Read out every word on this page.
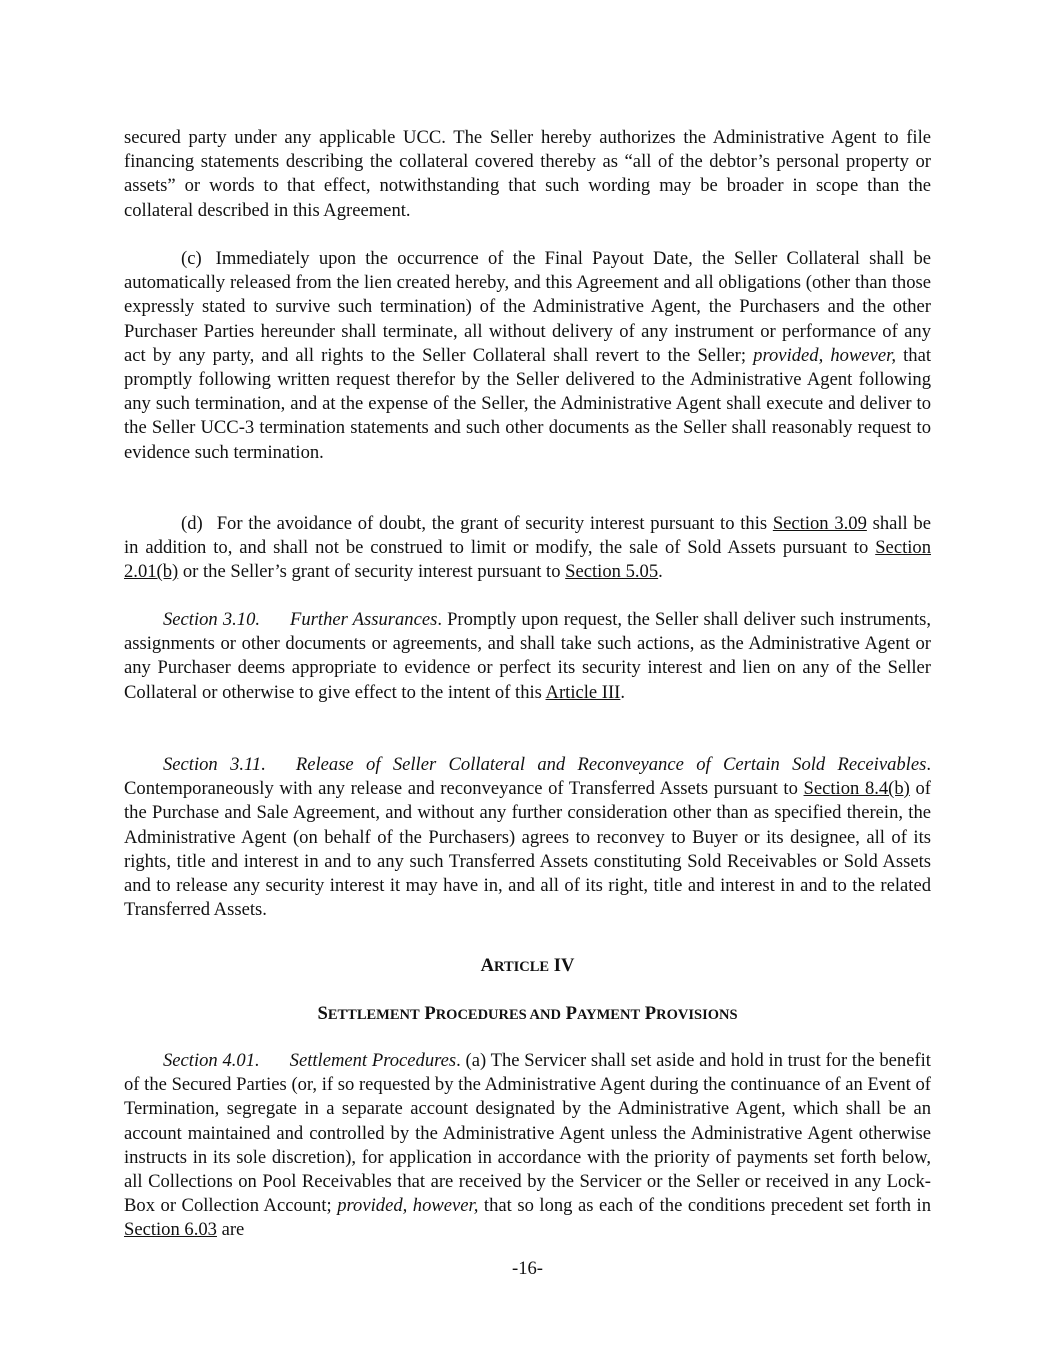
secured party under any applicable UCC. The Seller hereby authorizes the Administrative Agent to file financing statements describing the collateral covered thereby as “all of the debtor’s personal property or assets” or words to that effect, notwithstanding that such wording may be broader in scope than the collateral described in this Agreement.

(c) Immediately upon the occurrence of the Final Payout Date, the Seller Collateral shall be automatically released from the lien created hereby, and this Agreement and all obligations (other than those expressly stated to survive such termination) of the Administrative Agent, the Purchasers and the other Purchaser Parties hereunder shall terminate, all without delivery of any instrument or performance of any act by any party, and all rights to the Seller Collateral shall revert to the Seller; provided, however, that promptly following written request therefor by the Seller delivered to the Administrative Agent following any such termination, and at the expense of the Seller, the Administrative Agent shall execute and deliver to the Seller UCC-3 termination statements and such other documents as the Seller shall reasonably request to evidence such termination.

(d) For the avoidance of doubt, the grant of security interest pursuant to this Section 3.09 shall be in addition to, and shall not be construed to limit or modify, the sale of Sold Assets pursuant to Section 2.01(b) or the Seller’s grant of security interest pursuant to Section 5.05.

Section 3.10. Further Assurances. Promptly upon request, the Seller shall deliver such instruments, assignments or other documents or agreements, and shall take such actions, as the Administrative Agent or any Purchaser deems appropriate to evidence or perfect its security interest and lien on any of the Seller Collateral or otherwise to give effect to the intent of this Article III.

Section 3.11. Release of Seller Collateral and Reconveyance of Certain Sold Receivables. Contemporaneously with any release and reconveyance of Transferred Assets pursuant to Section 8.4(b) of the Purchase and Sale Agreement, and without any further consideration other than as specified therein, the Administrative Agent (on behalf of the Purchasers) agrees to reconvey to Buyer or its designee, all of its rights, title and interest in and to any such Transferred Assets constituting Sold Receivables or Sold Assets and to release any security interest it may have in, and all of its right, title and interest in and to the related Transferred Assets.

ARTICLE IV

SETTLEMENT PROCEDURES AND PAYMENT PROVISIONS

Section 4.01. Settlement Procedures. (a) The Servicer shall set aside and hold in trust for the benefit of the Secured Parties (or, if so requested by the Administrative Agent during the continuance of an Event of Termination, segregate in a separate account designated by the Administrative Agent, which shall be an account maintained and controlled by the Administrative Agent unless the Administrative Agent otherwise instructs in its sole discretion), for application in accordance with the priority of payments set forth below, all Collections on Pool Receivables that are received by the Servicer or the Seller or received in any Lock-Box or Collection Account; provided, however, that so long as each of the conditions precedent set forth in Section 6.03 are

-16-
